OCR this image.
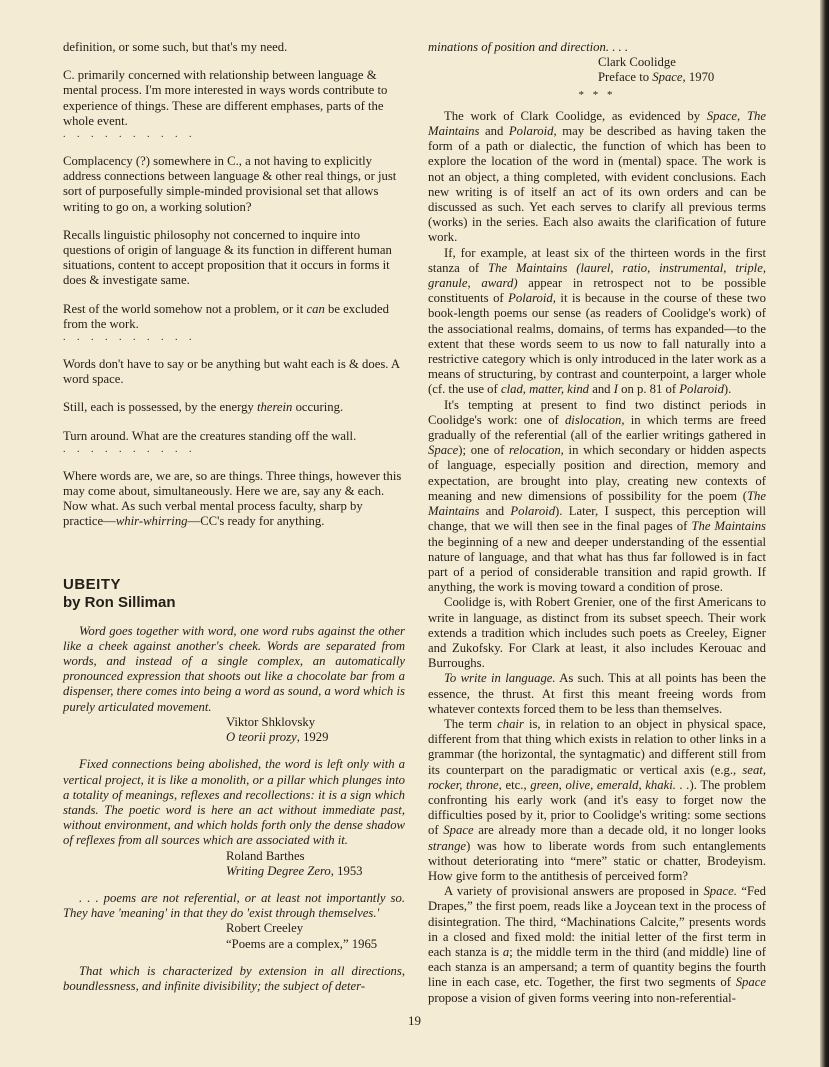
definition, or some such, but that's my need.

C. primarily concerned with relationship between language & mental process. I'm more interested in ways words contribute to experience of things. These are different emphases, parts of the whole event.

. . . . . . . . . .

Complacency (?) somewhere in C., a not having to explicitly address connections between language & other real things, or just sort of purposefully simple-minded provisional set that allows writing to go on, a working solution?

Recalls linguistic philosophy not concerned to inquire into questions of origin of language & its function in different human situations, content to accept proposition that it occurs in forms it does & investigate same.

Rest of the world somehow not a problem, or it can be excluded from the work.

. . . . . . . . . .

Words don't have to say or be anything but waht each is & does. A word space.

Still, each is possessed, by the energy therein occuring.

Turn around. What are the creatures standing off the wall.

. . . . . . . . . .

Where words are, we are, so are things. Three things, however this may come about, simultaneously. Here we are, say any & each. Now what. As such verbal mental process faculty, sharp by practice—whir-whirring—CC's ready for anything.

UBEITY

by Ron Silliman

Word goes together with word, one word rubs against the other like a cheek against another's cheek. Words are separated from words, and instead of a single complex, an automatically pronounced expression that shoots out like a chocolate bar from a dispenser, there comes into being a word as sound, a word which is purely articulated movement.

Viktor Shklovsky

O teorii prozy, 1929

Fixed connections being abolished, the word is left only with a vertical project, it is like a monolith, or a pillar which plunges into a totality of meanings, reflexes and recollections: it is a sign which stands. The poetic word is here an act without immediate past, without environment, and which holds forth only the dense shadow of reflexes from all sources which are associated with it.

Roland Barthes

Writing Degree Zero, 1953

. . . poems are not referential, or at least not importantly so. They have 'meaning' in that they do 'exist through themselves.'

Robert Creeley

“Poems are a complex,” 1965

That which is characterized by extension in all directions, boundlessness, and infinite divisibility; the subject of deter-

minations of position and direction. . . .

Clark Coolidge

Preface to Space, 1970

* * *

The work of Clark Coolidge, as evidenced by Space, The Maintains and Polaroid, may be described as having taken the form of a path or dialectic, the function of which has been to explore the location of the word in (mental) space. The work is not an object, a thing completed, with evident conclusions. Each new writing is of itself an act of its own orders and can be discussed as such. Yet each serves to clarify all previous terms (works) in the series. Each also awaits the clarification of future work.

If, for example, at least six of the thirteen words in the first stanza of The Maintains (laurel, ratio, instrumental, triple, granule, award) appear in retrospect not to be possible constituents of Polaroid, it is because in the course of these two book-length poems our sense (as readers of Coolidge's work) of the associational realms, domains, of terms has expanded—to the extent that these words seem to us now to fall naturally into a restrictive category which is only introduced in the later work as a means of structuring, by contrast and counterpoint, a larger whole (cf. the use of clad, matter, kind and I on p. 81 of Polaroid).

It's tempting at present to find two distinct periods in Coolidge's work: one of dislocation, in which terms are freed gradually of the referential (all of the earlier writings gathered in Space); one of relocation, in which secondary or hidden aspects of language, especially position and direction, memory and expectation, are brought into play, creating new contexts of meaning and new dimensions of possibility for the poem (The Maintains and Polaroid). Later, I suspect, this perception will change, that we will then see in the final pages of The Maintains the beginning of a new and deeper understanding of the essential nature of language, and that what has thus far followed is in fact part of a period of considerable transition and rapid growth. If anything, the work is moving toward a condition of prose.

Coolidge is, with Robert Grenier, one of the first Americans to write in language, as distinct from its subset speech. Their work extends a tradition which includes such poets as Creeley, Eigner and Zukofsky. For Clark at least, it also includes Kerouac and Burroughs.

To write in language. As such. This at all points has been the essence, the thrust. At first this meant freeing words from whatever contexts forced them to be less than themselves.

The term chair is, in relation to an object in physical space, different from that thing which exists in relation to other links in a grammar (the horizontal, the syntagmatic) and different still from its counterpart on the paradigmatic or vertical axis (e.g., seat, rocker, throne, etc., green, olive, emerald, khaki. . .). The problem confronting his early work (and it's easy to forget now the difficulties posed by it, prior to Coolidge's writing: some sections of Space are already more than a decade old, it no longer looks strange) was how to liberate words from such entanglements without deteriorating into “mere” static or chatter, Brodeyism. How give form to the antithesis of perceived form?

A variety of provisional answers are proposed in Space. “Fed Drapes,” the first poem, reads like a Joycean text in the process of disintegration. The third, “Machinations Calcite,” presents words in a closed and fixed mold: the initial letter of the first term in each stanza is a; the middle term in the third (and middle) line of each stanza is an ampersand; a term of quantity begins the fourth line in each case, etc. Together, the first two segments of Space propose a vision of given forms veering into non-referential-

19
